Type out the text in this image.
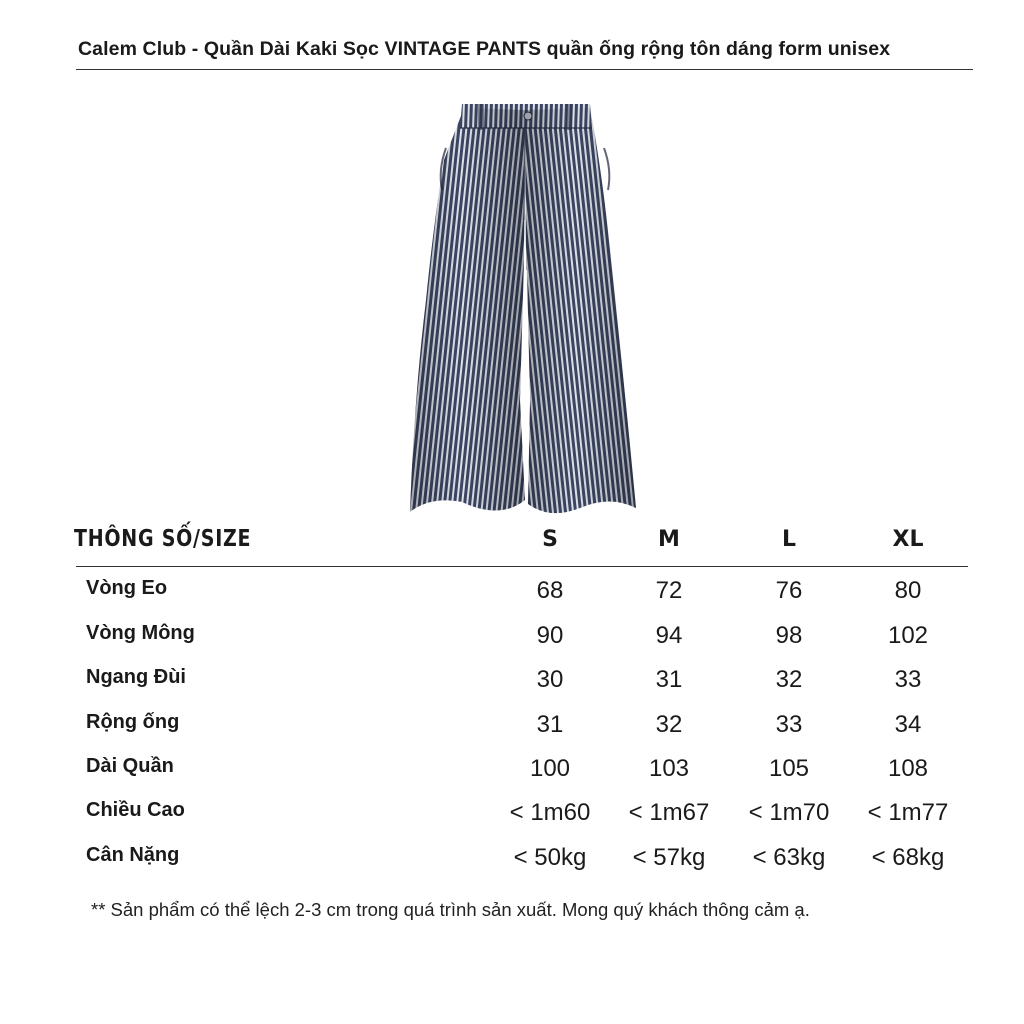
Calem Club - Quần Dài Kaki Sọc VINTAGE PANTS quần ống rộng tôn dáng form unisex
THÔNG SỐ/SIZE	S	M	L	XL
Vòng Eo	68	72	76	80
Vòng Mông	90	94	98	102
Ngang Đùi	30	31	32	33
Rộng ống	31	32	33	34
Dài Quần	100	103	105	108
Chiều Cao	< 1m60	< 1m67	< 1m70	< 1m77
Cân Nặng	< 50kg	< 57kg	< 63kg	< 68kg
** Sản phẩm có thể lệch 2-3 cm trong quá trình sản xuất. Mong quý khách thông cảm ạ.
